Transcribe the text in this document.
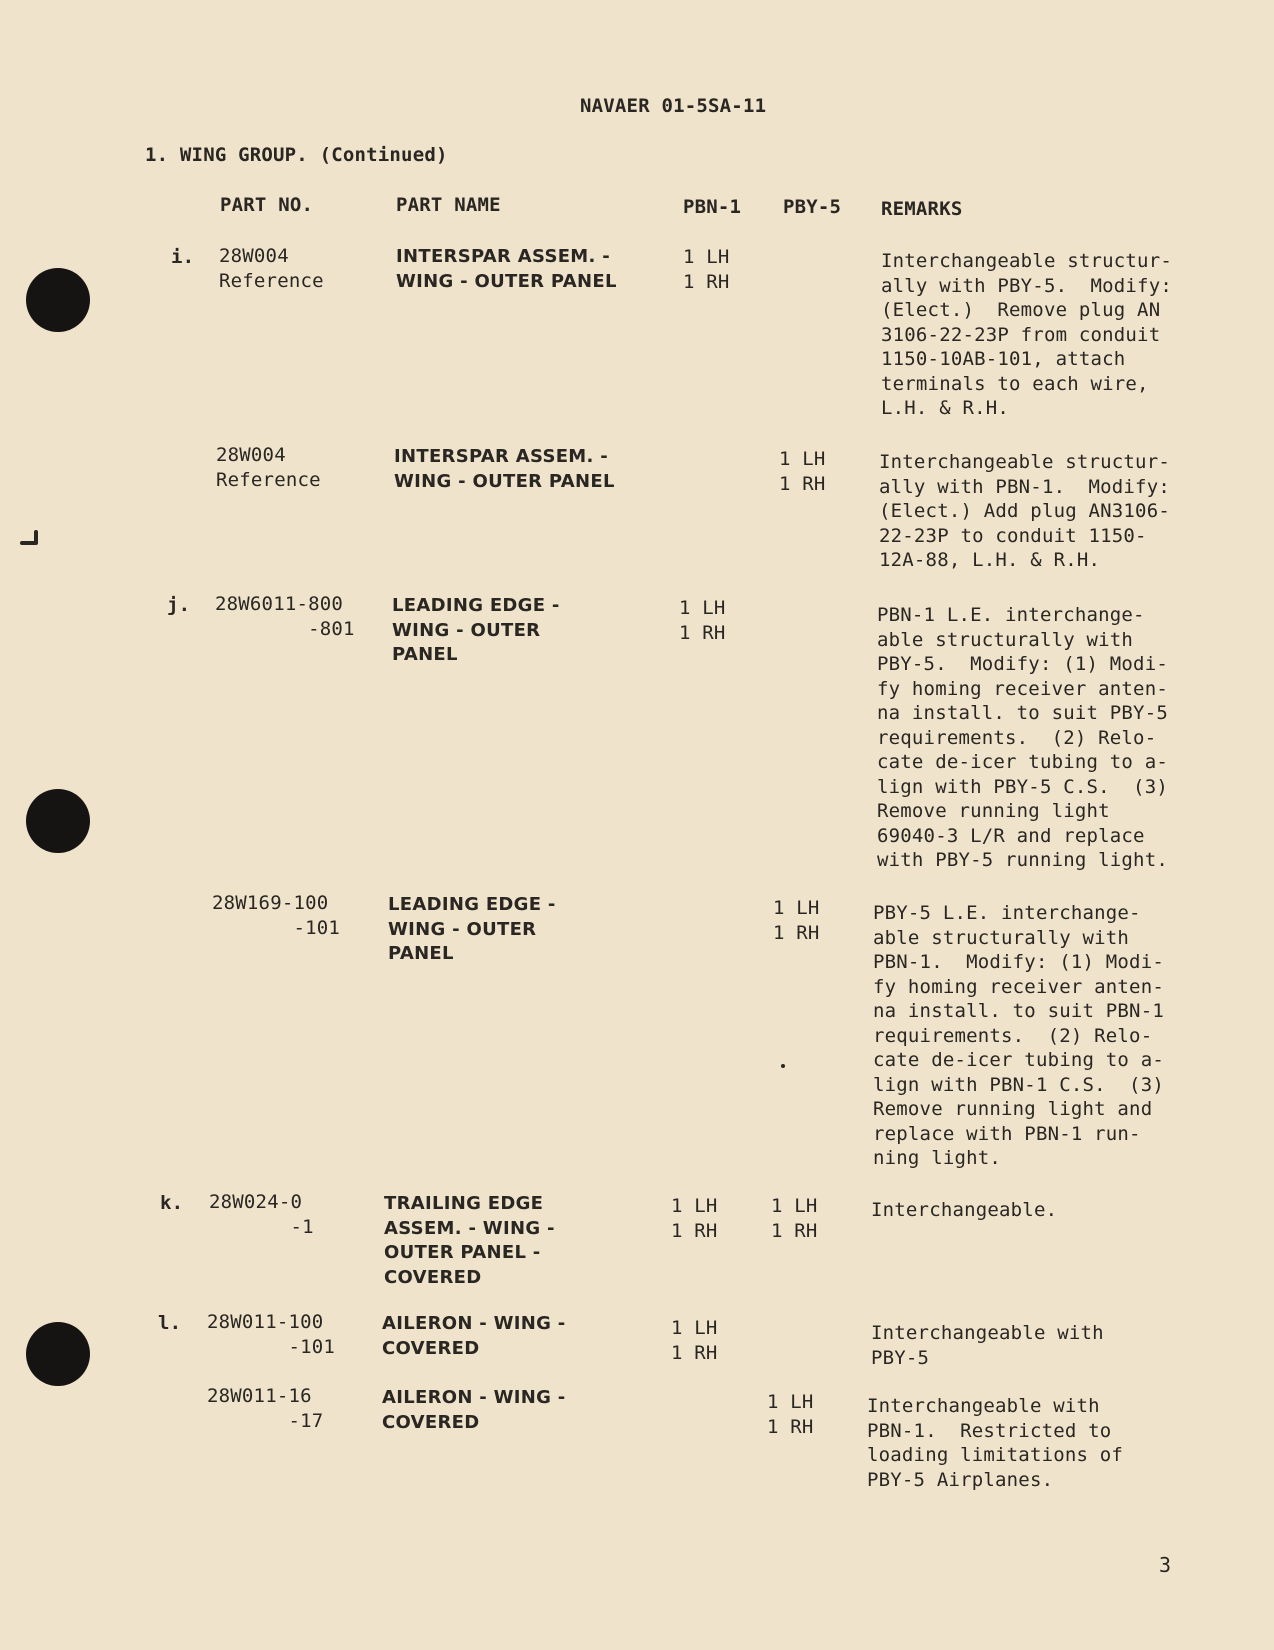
NAVAER 01-5SA-11
1. WING GROUP. (Continued)
PART NO.	PART NAME	PBN-1 PBY-5 REMARKS
i. 28W004
Reference
INTERSPAR ASSEM. -
WING - OUTER PANEL
1 LH
1 RH
Interchangeable structur-
ally with PBY-5.  Modify:
(Elect.)  Remove plug AN
3106-22-23P from conduit
1150-10AB-101, attach
terminals to each wire,
L.H. & R.H.
28W004
Reference
INTERSPAR ASSEM. -
WING - OUTER PANEL
1 LH
1 RH
Interchangeable structur-
ally with PBN-1.  Modify:
(Elect.) Add plug AN3106-
22-23P to conduit 1150-
12A-88, L.H. & R.H.
j. 28W6011-800
-801
LEADING EDGE -
WING - OUTER
PANEL
1 LH
1 RH
PBN-1 L.E. interchange-
able structurally with
PBY-5.  Modify: (1) Modi-
fy homing receiver anten-
na install. to suit PBY-5
requirements.  (2) Relo-
cate de-icer tubing to a-
lign with PBY-5 C.S.  (3)
Remove running light
69040-3 L/R and replace
with PBY-5 running light.
28W169-100
-101
LEADING EDGE -
WING - OUTER
PANEL
1 LH
1 RH
PBY-5 L.E. interchange-
able structurally with
PBN-1.  Modify: (1) Modi-
fy homing receiver anten-
na install. to suit PBN-1
requirements.  (2) Relo-
cate de-icer tubing to a-
lign with PBN-1 C.S.  (3)
Remove running light and
replace with PBN-1 run-
ning light.
k. 28W024-0
-1
TRAILING EDGE
ASSEM. - WING -
OUTER PANEL -
COVERED
1 LH
1 RH
1 LH
1 RH
Interchangeable.
l. 28W011-100
-101
AILERON - WING -
COVERED
1 LH
1 RH
Interchangeable with
PBY-5
28W011-16
-17
AILERON - WING -
COVERED
1 LH
1 RH
Interchangeable with
PBN-1.  Restricted to
loading limitations of
PBY-5 Airplanes.
3
